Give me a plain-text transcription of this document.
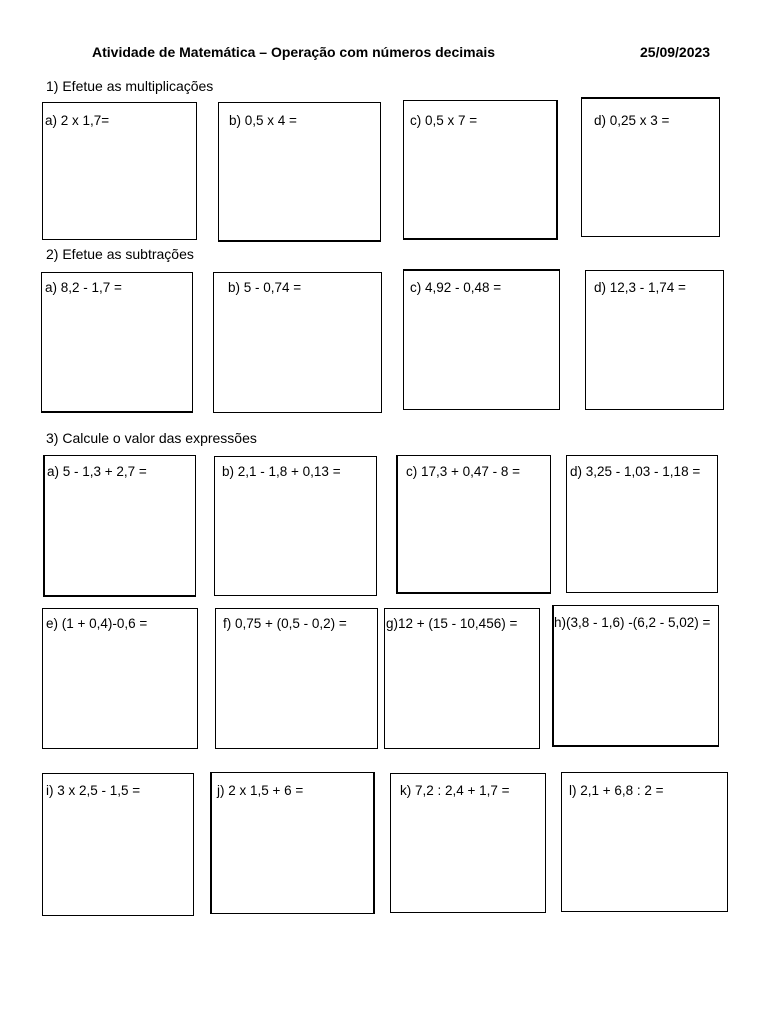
Atividade de Matemática – Operação com números decimais	25/09/2023
1) Efetue as multiplicações
a) 2 x 1,7=	b) 0,5 x 4 =	c) 0,5 x 7 =	d) 0,25 x 3 =
2) Efetue as subtrações
a) 8,2 - 1,7 =	b) 5 - 0,74 =	c) 4,92 - 0,48 =	d) 12,3 - 1,74 =
3) Calcule o valor das expressões
a) 5 - 1,3 + 2,7 =	b) 2,1 - 1,8 + 0,13 =	c) 17,3 + 0,47 - 8 =	d) 3,25 - 1,03 - 1,18 =
e) (1 + 0,4)-0,6 =	f) 0,75 + (0,5 - 0,2) =	g)12 + (15 - 10,456) =	h)(3,8 - 1,6) -(6,2 - 5,02) =
i) 3 x 2,5 - 1,5 =	j) 2 x 1,5 + 6 =	k) 7,2 : 2,4 + 1,7 =	l) 2,1 + 6,8 : 2 =
